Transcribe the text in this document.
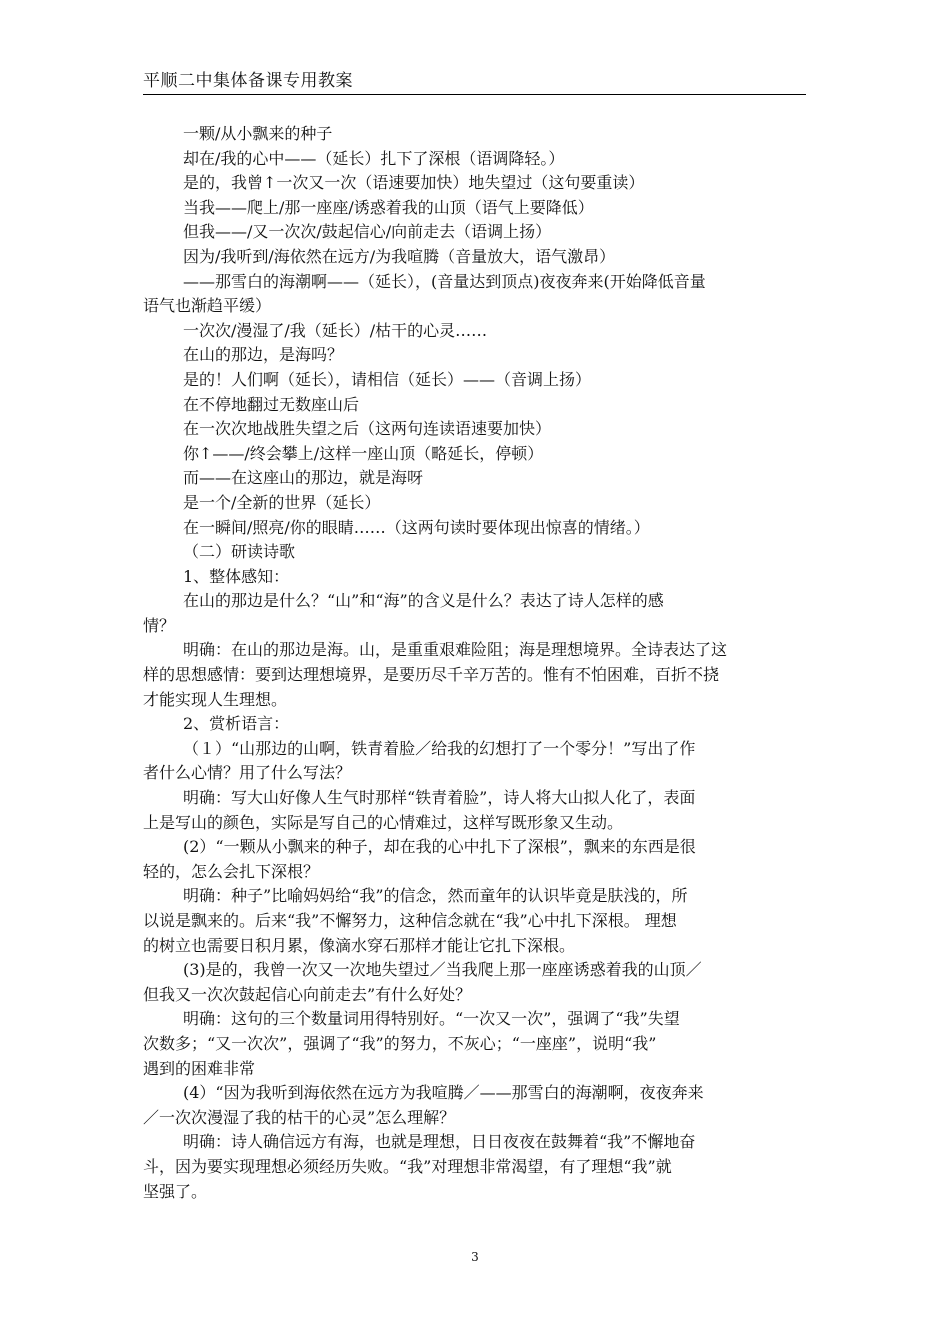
平顺二中集体备课专用教案
一颗/从小飘来的种子
却在/我的心中——（延长）扎下了深根（语调降轻。）
是的，我曾↑一次又一次（语速要加快）地失望过（这句要重读）
当我——爬上/那一座座/诱惑着我的山顶（语气上要降低）
但我——/又一次次/鼓起信心/向前走去（语调上扬）
因为/我听到/海依然在远方/为我喧腾（音量放大，语气激昂）
——那雪白的海潮啊——（延长），(音量达到顶点)夜夜奔来(开始降低音量
语气也渐趋平缓）
一次次/漫湿了/我（延长）/枯干的心灵……
在山的那边，是海吗？
是的！人们啊（延长），请相信（延长）——（音调上扬）
在不停地翻过无数座山后
在一次次地战胜失望之后（这两句连读语速要加快）
你↑——/终会攀上/这样一座山顶（略延长，停顿）
而——在这座山的那边，就是海呀
是一个/全新的世界（延长）
在一瞬间/照亮/你的眼睛……（这两句读时要体现出惊喜的情绪。）
（二）研读诗歌
1、整体感知：
在山的那边是什么？“山”和“海”的含义是什么？表达了诗人怎样的感
情？
明确：在山的那边是海。山，是重重艰难险阻；海是理想境界。全诗表达了这
样的思想感情：要到达理想境界，是要历尽千辛万苦的。惟有不怕困难，百折不挠
才能实现人生理想。
2、赏析语言：
（１）“山那边的山啊，铁青着脸／给我的幻想打了一个零分！”写出了作
者什么心情？用了什么写法？
明确：写大山好像人生气时那样“铁青着脸”，诗人将大山拟人化了，表面
上是写山的颜色，实际是写自己的心情难过，这样写既形象又生动。
(2）“一颗从小飘来的种子，却在我的心中扎下了深根”，飘来的东西是很
轻的，怎么会扎下深根？
明确：种子”比喻妈妈给“我”的信念，然而童年的认识毕竟是肤浅的，所
以说是飘来的。后来“我”不懈努力，这种信念就在“我”心中扎下深根。 理想
的树立也需要日积月累，像滴水穿石那样才能让它扎下深根。
(3)是的，我曾一次又一次地失望过／当我爬上那一座座诱惑着我的山顶／
但我又一次次鼓起信心向前走去”有什么好处？
明确：这句的三个数量词用得特别好。“一次又一次”，强调了“我”失望
次数多；“又一次次”，强调了“我”的努力，不灰心；“一座座”，说明“我”
遇到的困难非常
(4）“因为我听到海依然在远方为我喧腾／——那雪白的海潮啊，夜夜奔来
／一次次漫湿了我的枯干的心灵”怎么理解？
明确：诗人确信远方有海，也就是理想，日日夜夜在鼓舞着“我”不懈地奋
斗，因为要实现理想必须经历失败。“我”对理想非常渴望，有了理想“我”就
坚强了。
3
